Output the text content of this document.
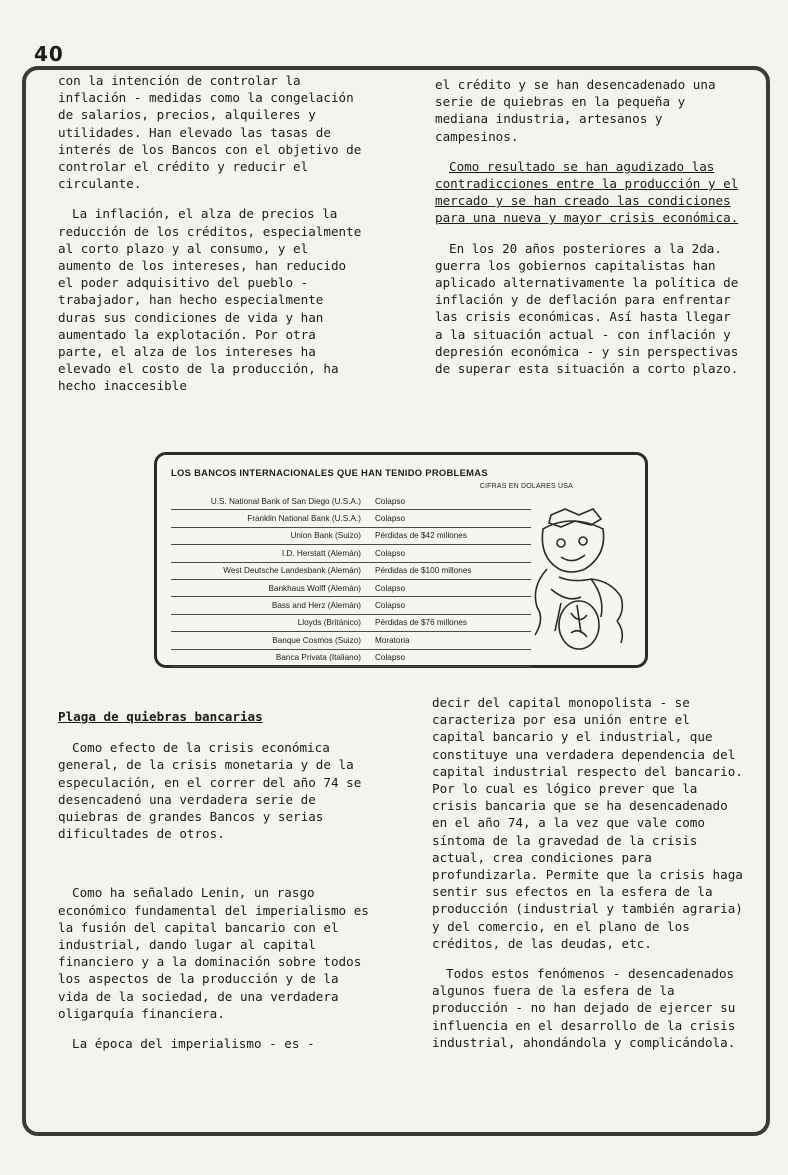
40

con la intención de controlar la inflación - medidas como la congelación de salarios, precios, alquileres y utilidades. Han elevado las tasas de interés de los Bancos con el objetivo de controlar el crédito y reducir el circulante.

La inflación, el alza de precios la reducción de los créditos, especialmente al corto plazo y al consumo, y el aumento de los intereses, han reducido el poder adquisitivo del pueblo - trabajador, han hecho especialmente duras sus condiciones de vida y han aumentado la explotación. Por otra parte, el alza de los intereses ha elevado el costo de la producción, ha hecho inaccesible

el crédito y se han desencadenado una serie de quiebras en la pequeña y mediana industria, artesanos y campesinos.

Como resultado se han agudizado las contradicciones entre la producción y el mercado y se han creado las condiciones para una nueva y mayor crisis económica.

En los 20 años posteriores a la 2da. guerra los gobiernos capitalistas han aplicado alternativamente la política de inflación y de deflación para enfrentar las crisis económicas. Así hasta llegar a la situación actual - con inflación y depresión económica - y sin perspectivas de superar esta situación a corto plazo.

LOS BANCOS INTERNACIONALES QUE HAN TENIDO PROBLEMAS
CIFRAS EN DOLARES USA
U.S. National Bank of San Diego (U.S.A.)	Colapso
Franklin National Bank (U.S.A.)	Colapso
Union Bank (Suizo)	Pérdidas de $42 millones
I.D. Herstatt (Alemán)	Colapso
West Deutsche Landesbank (Alemán)	Pérdidas de $100 millones
Bankhaus Wolff (Alemán)	Colapso
Bass and Herz (Alemán)	Colapso
Lloyds (Británico)	Pérdidas de $76 millones
Banque Cosmos (Suizo)	Moratoria
Banca Privata (Italiano)	Colapso

Plaga de quiebras bancarias

Como efecto de la crisis económica general, de la crisis monetaria y de la especulación, en el correr del año 74 se desencadenó una verdadera serie de quiebras de grandes Bancos y serias dificultades de otros.

Como ha señalado Lenin, un rasgo económico fundamental del imperialismo es la fusión del capital bancario con el industrial, dando lugar al capital financiero y a la dominación sobre todos los aspectos de la producción y de la vida de la sociedad, de una verdadera oligarquía financiera.

La época del imperialismo - es -

decir del capital monopolista - se caracteriza por esa unión entre el capital bancario y el industrial, que constituye una verdadera dependencia del capital industrial respecto del bancario. Por lo cual es lógico prever que la crisis bancaria que se ha desencadenado en el año 74, a la vez que vale como síntoma de la gravedad de la crisis actual, crea condiciones para profundizarla. Permite que la crisis haga sentir sus efectos en la esfera de la producción (industrial y también agraria) y del comercio, en el plano de los créditos, de las deudas, etc.

Todos estos fenómenos - desencadenados algunos fuera de la esfera de la producción - no han dejado de ejercer su influencia en el desarrollo de la crisis industrial, ahondándola y complicándola.
